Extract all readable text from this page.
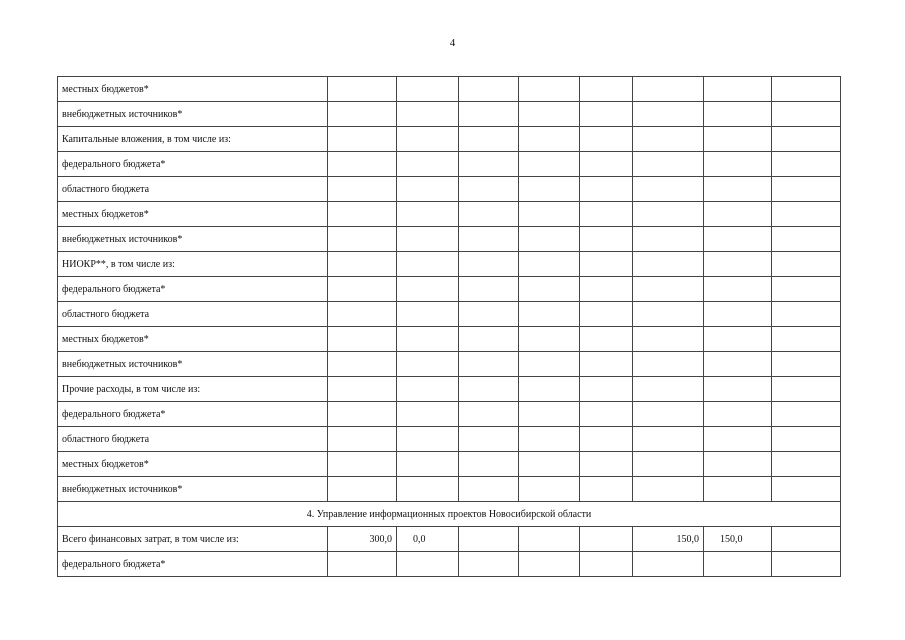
4
местных бюджетов*								
внебюджетных источников*								
Капитальные вложения, в том числе из:								
федерального бюджета*								
областного бюджета								
местных бюджетов*								
внебюджетных источников*								
НИОКР**, в том числе из:								
федерального бюджета*								
областного бюджета								
местных бюджетов*								
внебюджетных источников*								
Прочие расходы, в том числе из:								
федерального бюджета*								
областного бюджета								
местных бюджетов*								
внебюджетных источников*								
4. Управление информационных проектов Новосибирской области								
Всего финансовых затрат, в том числе из:	300,0	0,0				150,0	150,0	
федерального бюджета*								
